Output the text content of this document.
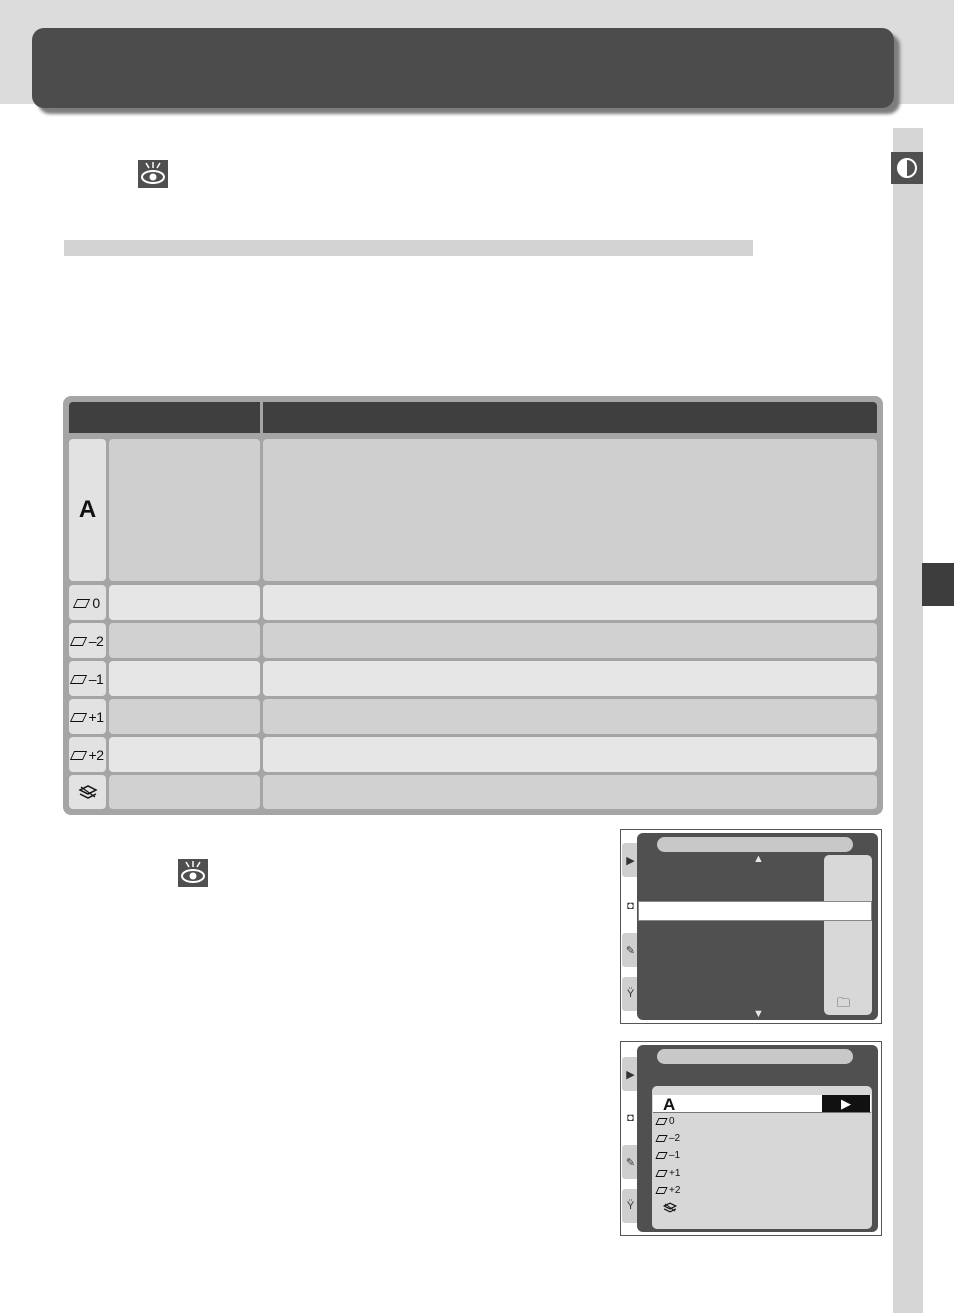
A
0
–2
–1
+1
+2
▶
◘
✎
Ÿ
▲
🗀
▼
▶
◘
✎
Ÿ
A	▶
0
–2
–1
+1
+2
